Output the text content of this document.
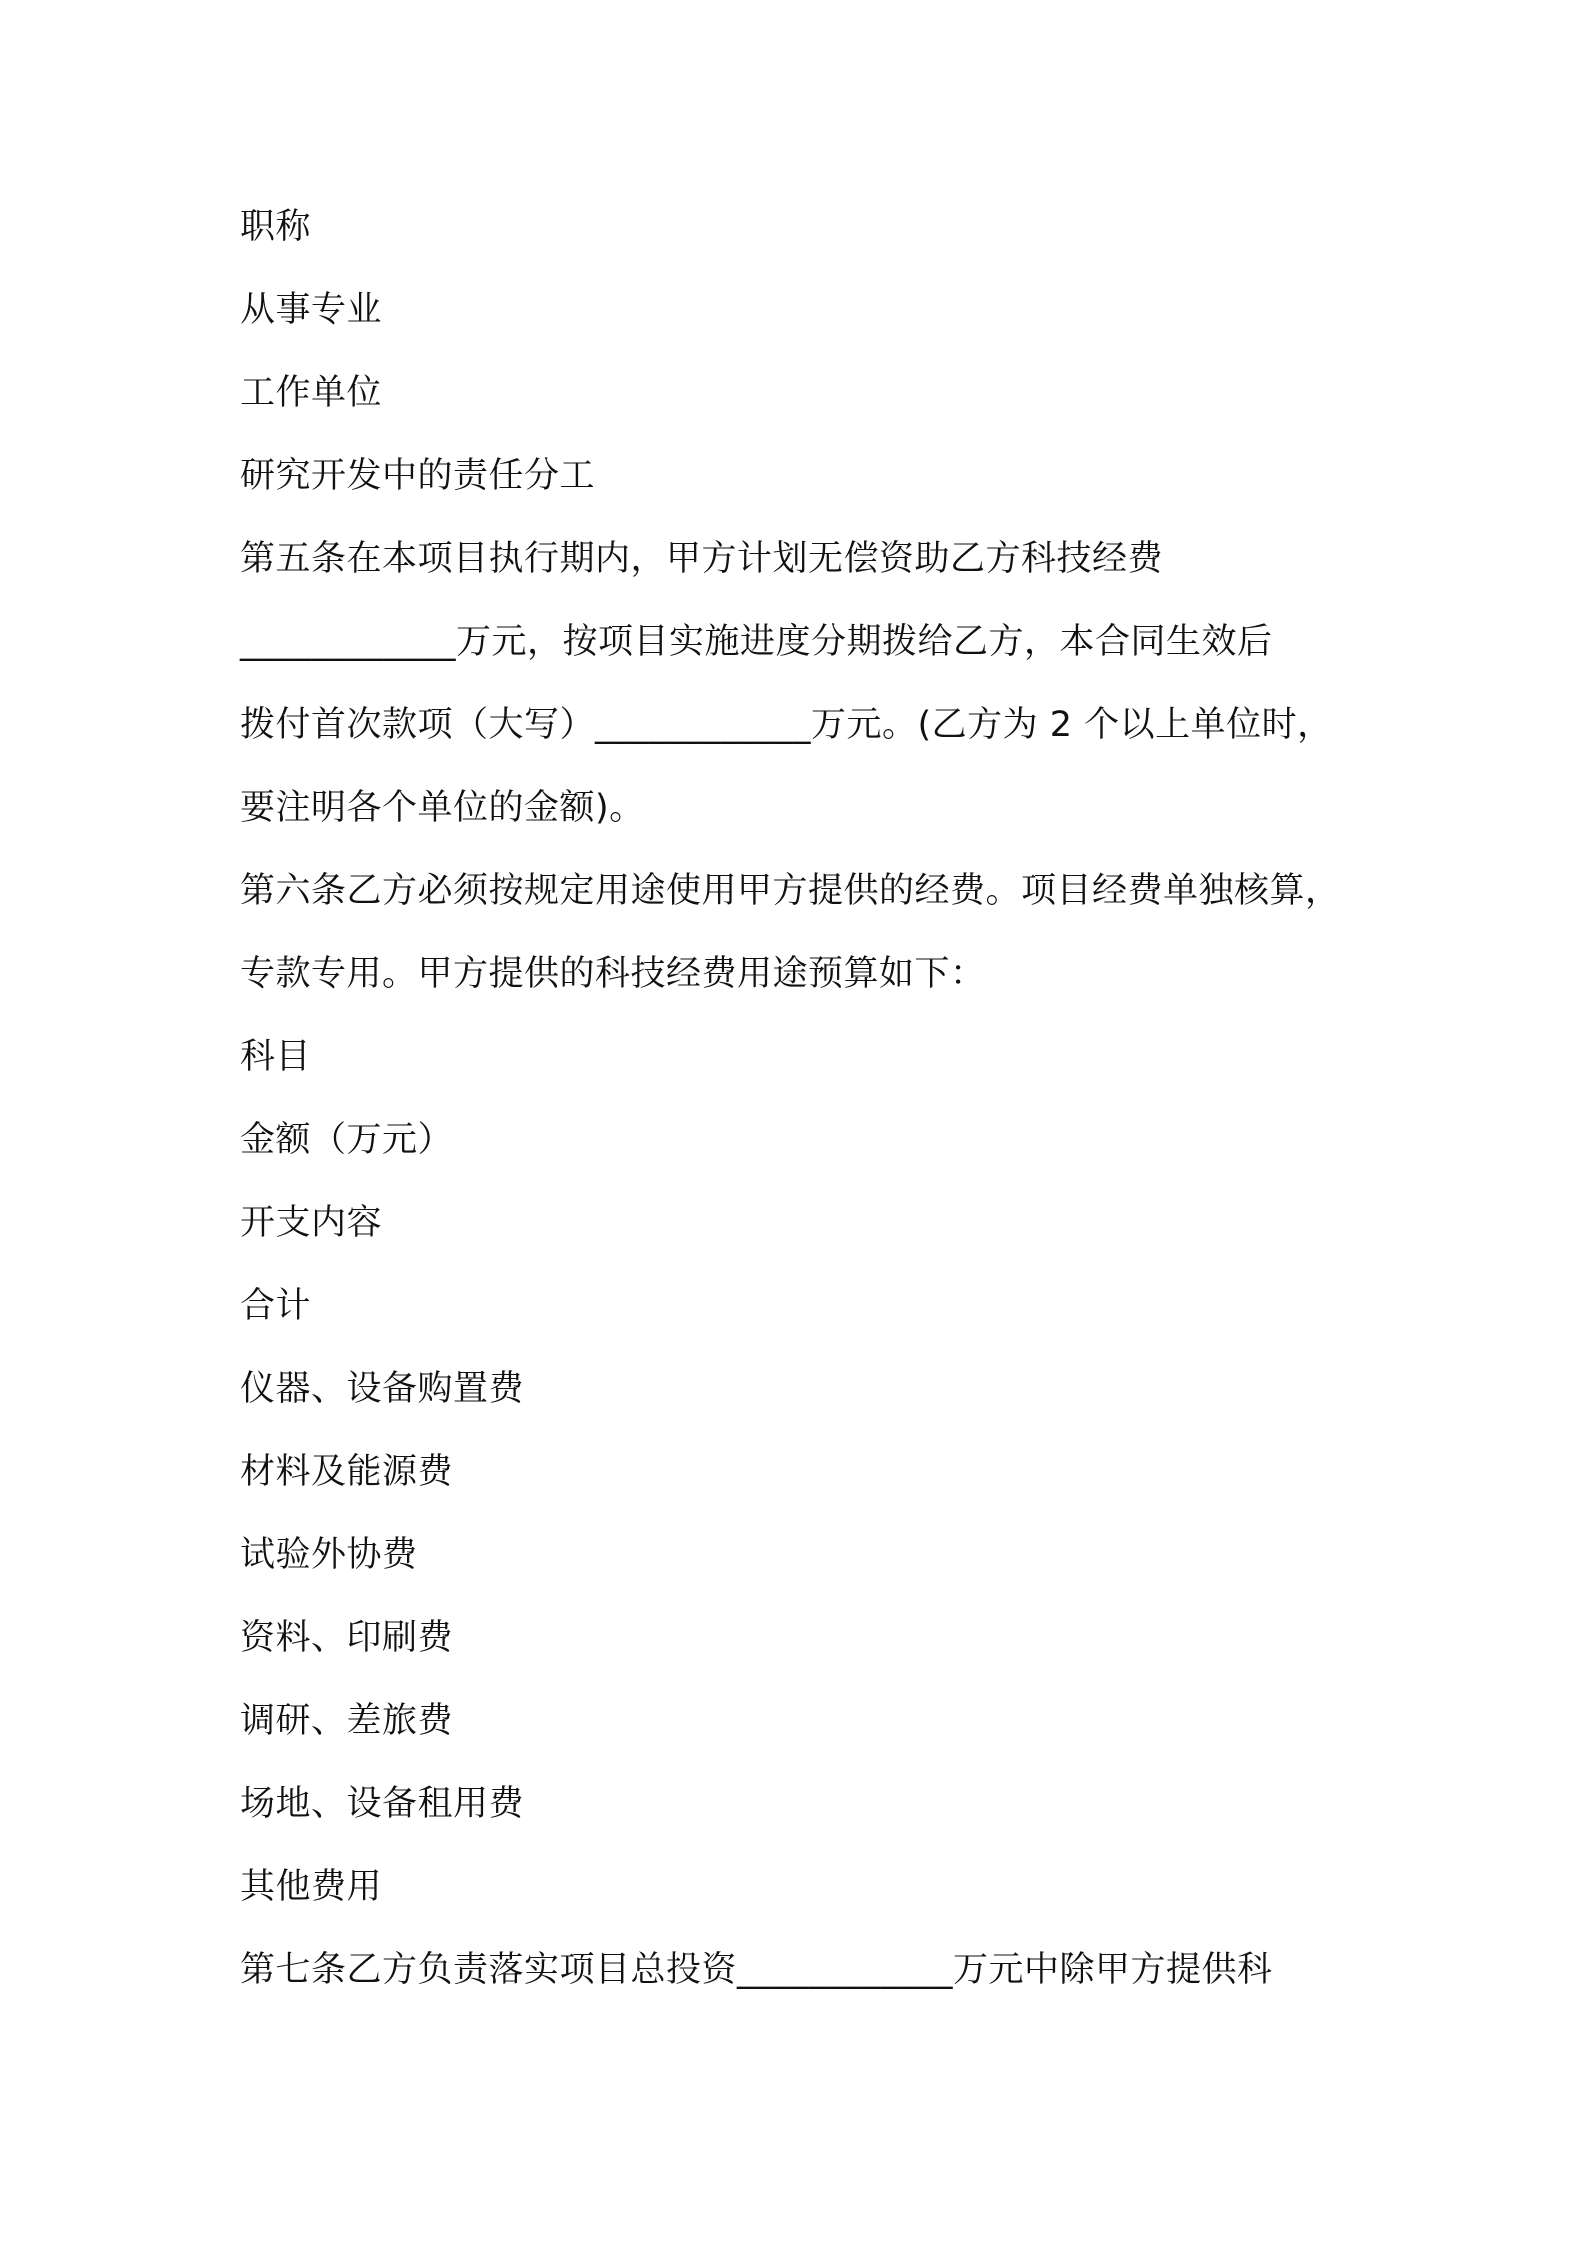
职称

从事专业

工作单位

研究开发中的责任分工

第五条在本项目执行期内，甲方计划无偿资助乙方科技经费

____________万元，按项目实施进度分期拨给乙方，本合同生效后

拨付首次款项（大写）____________万元。(乙方为 2 个以上单位时，

要注明各个单位的金额)。

第六条乙方必须按规定用途使用甲方提供的经费。项目经费单独核算，

专款专用。甲方提供的科技经费用途预算如下：

科目

金额（万元）

开支内容

合计

仪器、设备购置费

材料及能源费

试验外协费

资料、印刷费

调研、差旅费

场地、设备租用费

其他费用

第七条乙方负责落实项目总投资____________万元中除甲方提供科
